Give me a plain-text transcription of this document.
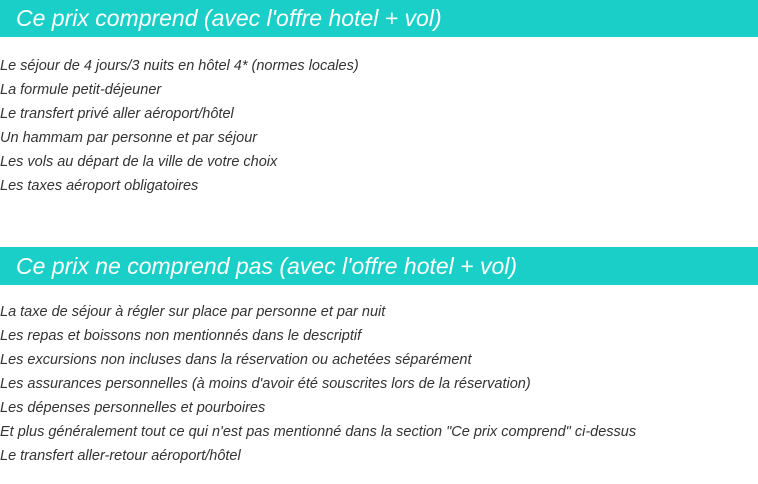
Ce prix comprend (avec l'offre hotel + vol)
Le séjour de 4 jours/3 nuits en hôtel 4* (normes locales)
La formule petit-déjeuner
Le transfert privé aller aéroport/hôtel
Un hammam par personne et par séjour
Les vols au départ de la ville de votre choix
Les taxes aéroport obligatoires
Ce prix ne comprend pas (avec l'offre hotel + vol)
La taxe de séjour à régler sur place par personne et par nuit
Les repas et boissons non mentionnés dans le descriptif
Les excursions non incluses dans la réservation ou achetées séparément
Les assurances personnelles (à moins d'avoir été souscrites lors de la réservation)
Les dépenses personnelles et pourboires
Et plus généralement tout ce qui n'est pas mentionné dans la section "Ce prix comprend" ci-dessus
Le transfert aller-retour aéroport/hôtel
